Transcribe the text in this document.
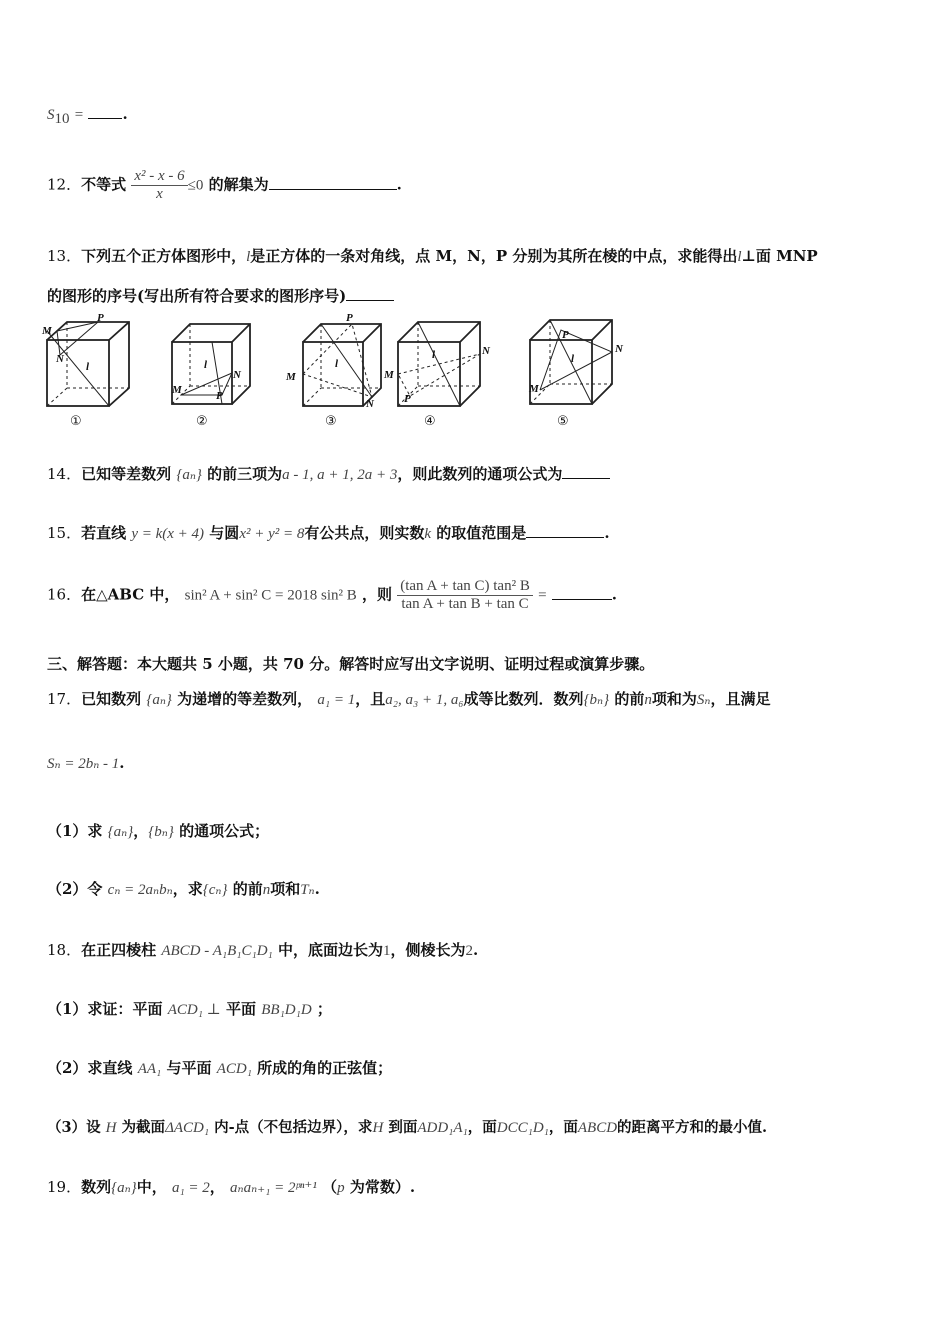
$S_{10}$ =	.
12．不等式 $\frac{\text{x² - x - 6}}{x} \le 0$ 的解集为	.
13．下列五个正方体图形中，l是正方体的一条对角线，点 M，N，P 分别为其所在棱的中点，求能得出l⊥面 MNP
的图形的序号(写出所有符合要求的图形序号)
M
P
N
l
M
N
P
l
M
P
N
l
M
N
P
l
M
P
N
l
①	②	③	④	⑤
14．已知等差数列 {aₙ} 的前三项为a - 1, a + 1, 2a + 3，则此数列的通项公式为
15．若直线 y = k(x + 4) 与圆x² + y² = 8有公共点，则实数k 的取值范围是	.
16．在△ABC 中， sin² A + sin² C = 2018 sin² B ，则 $\frac{\text{(tan A + tan C) tan² B}}{\text{tan A + tan B + tan C}}$ =	.
三、解答题：本大题共 5 小题，共 70 分。解答时应写出文字说明、证明过程或演算步骤。
17．已知数列 {aₙ} 为递增的等差数列， a₁ = 1，且a₂, a₃ + 1, a₆成等比数列．数列{bₙ} 的前n项和为Sₙ，且满足
Sₙ = 2bₙ - 1.
（1）求 {aₙ}，{bₙ} 的通项公式；
（2）令 cₙ = 2aₙbₙ，求{cₙ} 的前n项和Tₙ.
18．在正四棱柱 ABCD - A₁B₁C₁D₁ 中，底面边长为1，侧棱长为2.
（1）求证：平面 ACD₁ ⊥ 平面 BB₁D₁D ；
（2）求直线 AA₁ 与平面 ACD₁ 所成的角的正弦值；
（3）设 H 为截面ΔACD₁ 内-点（不包括边界），求H 到面ADD₁A₁，面DCC₁D₁，面ABCD的距离平方和的最小值.
19．数列{aₙ}中， a₁ = 2， aₙaₙ₊₁ = 2ᵖⁿ⁺¹ （p 为常数）.
